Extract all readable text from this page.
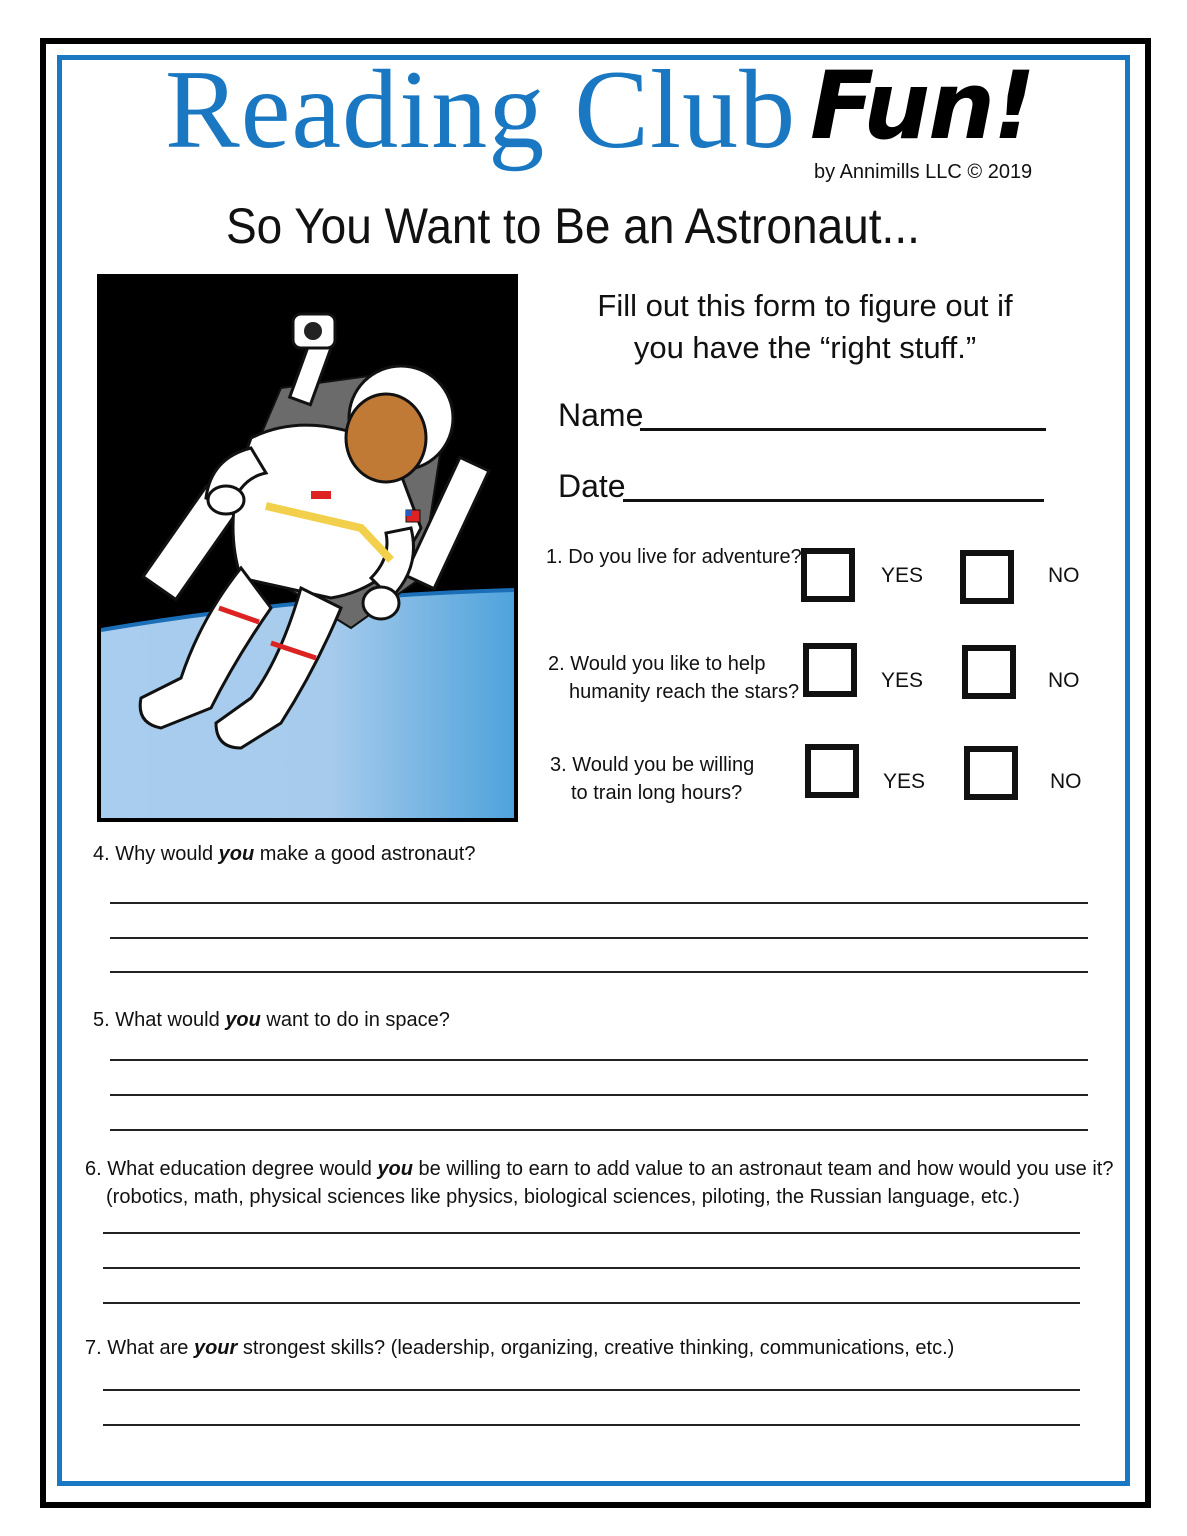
Reading Club Fun!
by Annimills LLC © 2019
So You Want to Be an Astronaut...
Fill out this form to figure out if
you have the “right stuff.”
Name
Date
1. Do you live for adventure?
YES	NO
2. Would you like to help
humanity reach the stars?	YES	NO
3. Would you be willing
to train long hours?	YES	NO
4. Why would you make a good astronaut?
5. What would you want to do in space?
6. What education degree would you be willing to earn to add value to an astronaut team and how would you use it?
(robotics, math, physical sciences like physics, biological sciences, piloting, the Russian language, etc.)
7. What are your strongest skills? (leadership, organizing, creative thinking, communications, etc.)
